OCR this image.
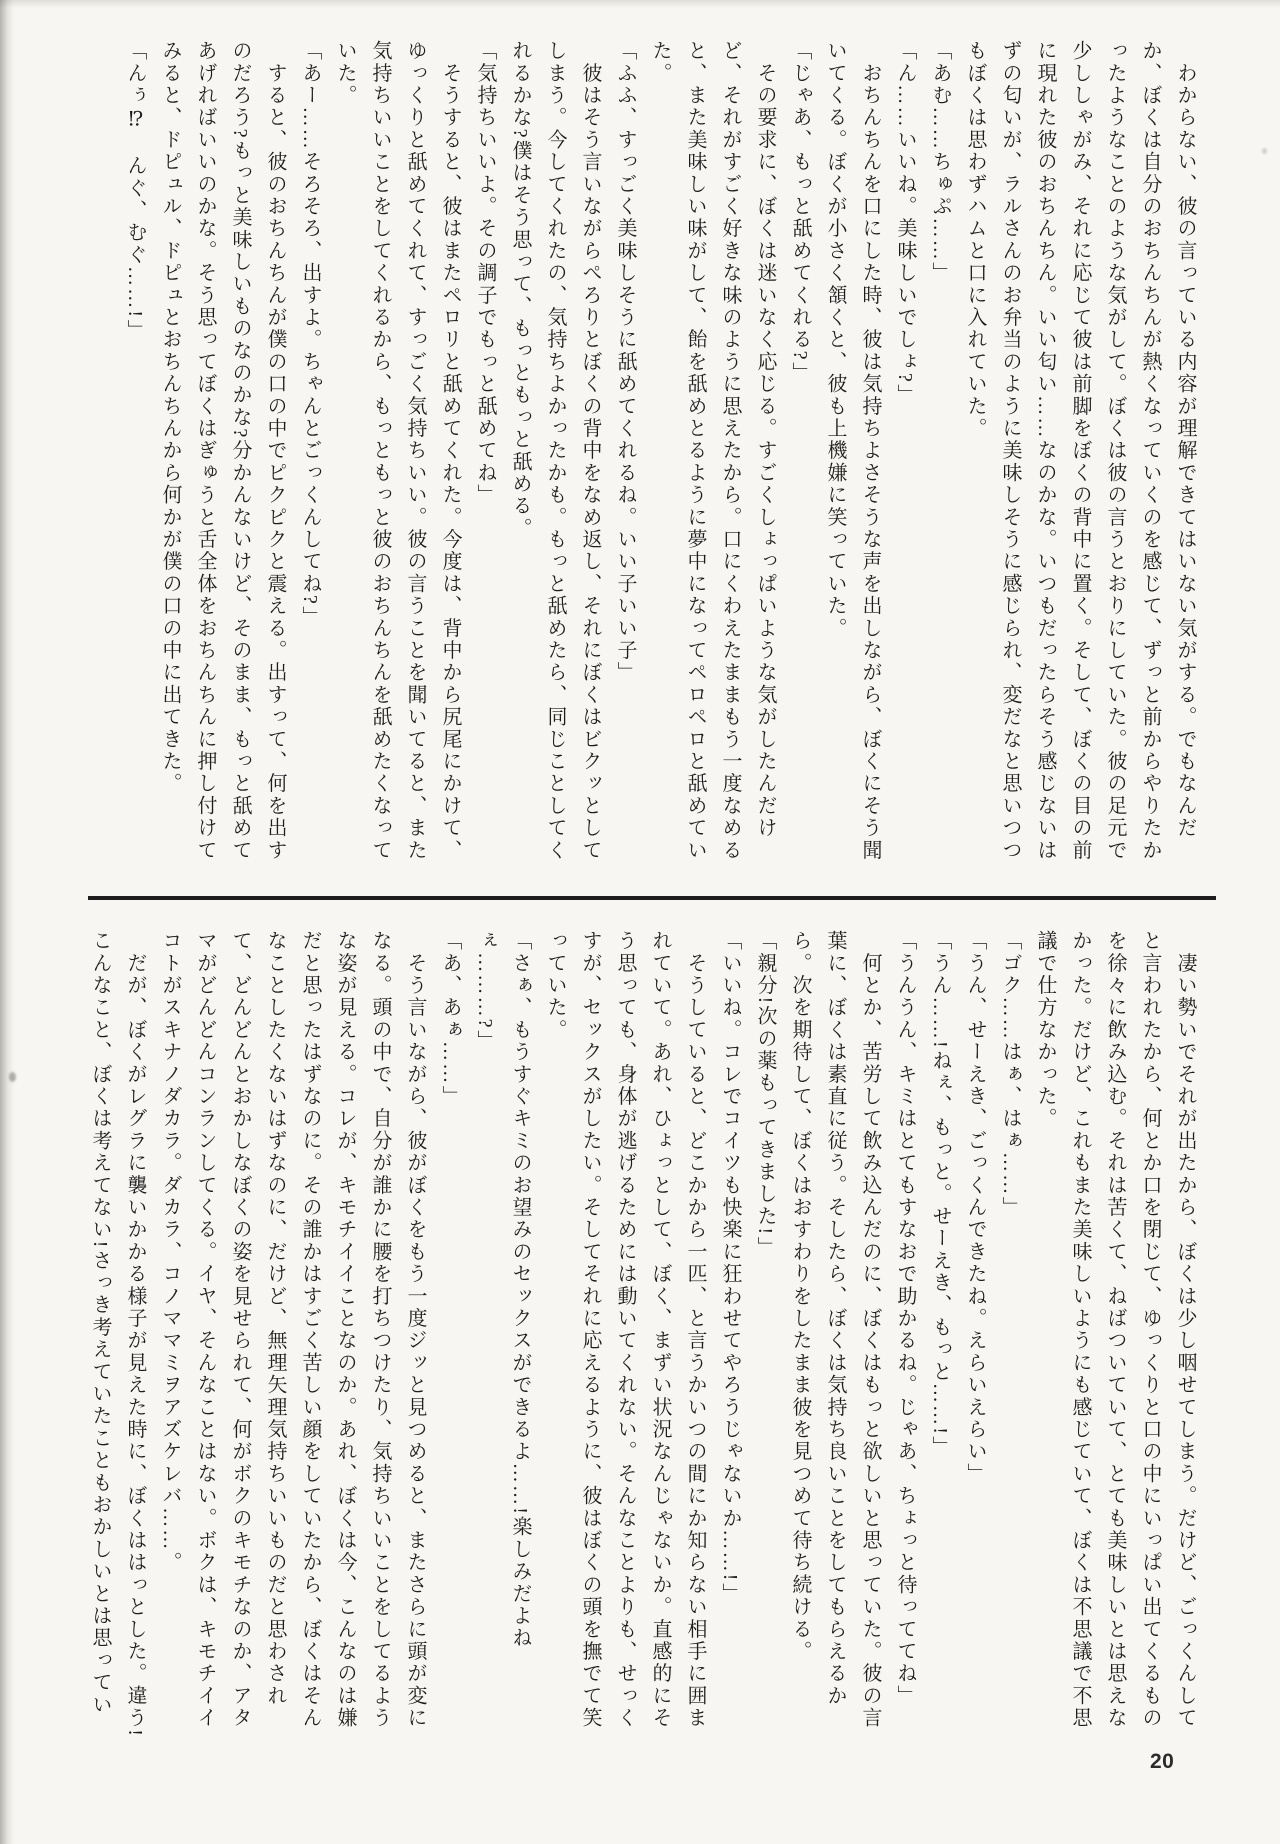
　わからない、彼の言っている内容が理解できてはいない気がする。でもなんだか、ぼくは自分のおちんちんが熱くなっていくのを感じて、ずっと前からやりたかったようなことのような気がして。ぼくは彼の言うとおりにしていた。彼の足元で少ししゃがみ、それに応じて彼は前脚をぼくの背中に置く。そして、ぼくの目の前に現れた彼のおちんちん。いい匂い……なのかな。いつもだったらそう感じないはずの匂いが、ラルさんのお弁当のように美味しそうに感じられ、変だなと思いつつもぼくは思わずハムと口に入れていた。

「あむ……ちゅぷ……」

「ん……いいね。美味しいでしょ?」

　おちんちんを口にした時、彼は気持ちよさそうな声を出しながら、ぼくにそう聞いてくる。ぼくが小さく頷くと、彼も上機嫌に笑っていた。

「じゃあ、もっと舐めてくれる?」

　その要求に、ぼくは迷いなく応じる。すごくしょっぱいような気がしたんだけど、それがすごく好きな味のように思えたから。口にくわえたままもう一度なめると、また美味しい味がして、飴を舐めとるように夢中になってペロペロと舐めていた。

「ふふ、すっごく美味しそうに舐めてくれるね。いい子いい子」

　彼はそう言いながらぺろりとぼくの背中をなめ返し、それにぼくはビクッとしてしまう。今してくれたの、気持ちよかったかも。もっと舐めたら、同じことしてくれるかな?僕はそう思って、もっともっと舐める。

「気持ちいいよ。その調子でもっと舐めてね」

　そうすると、彼はまたペロリと舐めてくれた。今度は、背中から尻尾にかけて、ゆっくりと舐めてくれて、すっごく気持ちいい。彼の言うことを聞いてると、また気持ちいいことをしてくれるから、もっともっと彼のおちんちんを舐めたくなっていた。

「あー……そろそろ、出すよ。ちゃんとごっくんしてね?」

　すると、彼のおちんちんが僕の口の中でピクピクと震える。出すって、何を出すのだろう?もっと美味しいものなのかな?分かんないけど、そのまま、もっと舐めてあげればいいのかな。そう思ってぼくはぎゅうと舌全体をおちんちんに押し付けてみると、ドピュル、ドピュとおちんちんから何かが僕の口の中に出てきた。

「んぅ⁉　んぐ、むぐ……!」

　凄い勢いでそれが出たから、ぼくは少し咽せてしまう。だけど、ごっくんしてと言われたから、何とか口を閉じて、ゆっくりと口の中にいっぱい出てくるものを徐々に飲み込む。それは苦くて、ねばついていて、とても美味しいとは思えなかった。だけど、これもまた美味しいようにも感じていて、ぼくは不思議で不思議で仕方なかった。

「ゴク……はぁ、はぁ……」

「うん、せーえき、ごっくんできたね。えらいえらい」

「うん……!ねぇ、もっと。せーえき、もっと……!」

「うんうん、キミはとてもすなおで助かるね。じゃあ、ちょっと待っててね」

　何とか、苦労して飲み込んだのに、ぼくはもっと欲しいと思っていた。彼の言葉に、ぼくは素直に従う。そしたら、ぼくは気持ち良いことをしてもらえるから。次を期待して、ぼくはおすわりをしたまま彼を見つめて待ち続ける。

「親分!次の薬もってきました!」

「いいね。コレでコイツも快楽に狂わせてやろうじゃないか……!」

　そうしていると、どこかから一匹、と言うかいつの間にか知らない相手に囲まれていて。あれ、ひょっとして、ぼく、まずい状況なんじゃないか。直感的にそう思っても、身体が逃げるためには動いてくれない。そんなことよりも、せっくすが、セックスがしたい。そしてそれに応えるように、彼はぼくの頭を撫でて笑っていた。

「さぁ、もうすぐキミのお望みのセックスができるよ……!楽しみだよねぇ………?」

「あ、あぁ……」

　そう言いながら、彼がぼくをもう一度ジッと見つめると、またさらに頭が変になる。頭の中で、自分が誰かに腰を打ちつけたり、気持ちいいことをしてるような姿が見える。コレが、キモチイイことなのか。あれ、ぼくは今、こんなのは嫌だと思ったはずなのに。その誰かはすごく苦しい顔をしていたから、ぼくはそんなことしたくないはずなのに、だけど、無理矢理気持ちいいものだと思わされて、どんどんとおかしなぼくの姿を見せられて、何がボクのキモチなのか、アタマがどんどんコンランしてくる。イヤ、そんなことはない。ボクは、キモチイイコトがスキナノダカラ。ダカラ、コノママミヲアズケレバ……。

　だが、ぼくがレグラに襲いかかる様子が見えた時に、ぼくははっとした。違う!こんなこと、ぼくは考えてない!さっき考えていたこともおかしいとは思ってい

20
